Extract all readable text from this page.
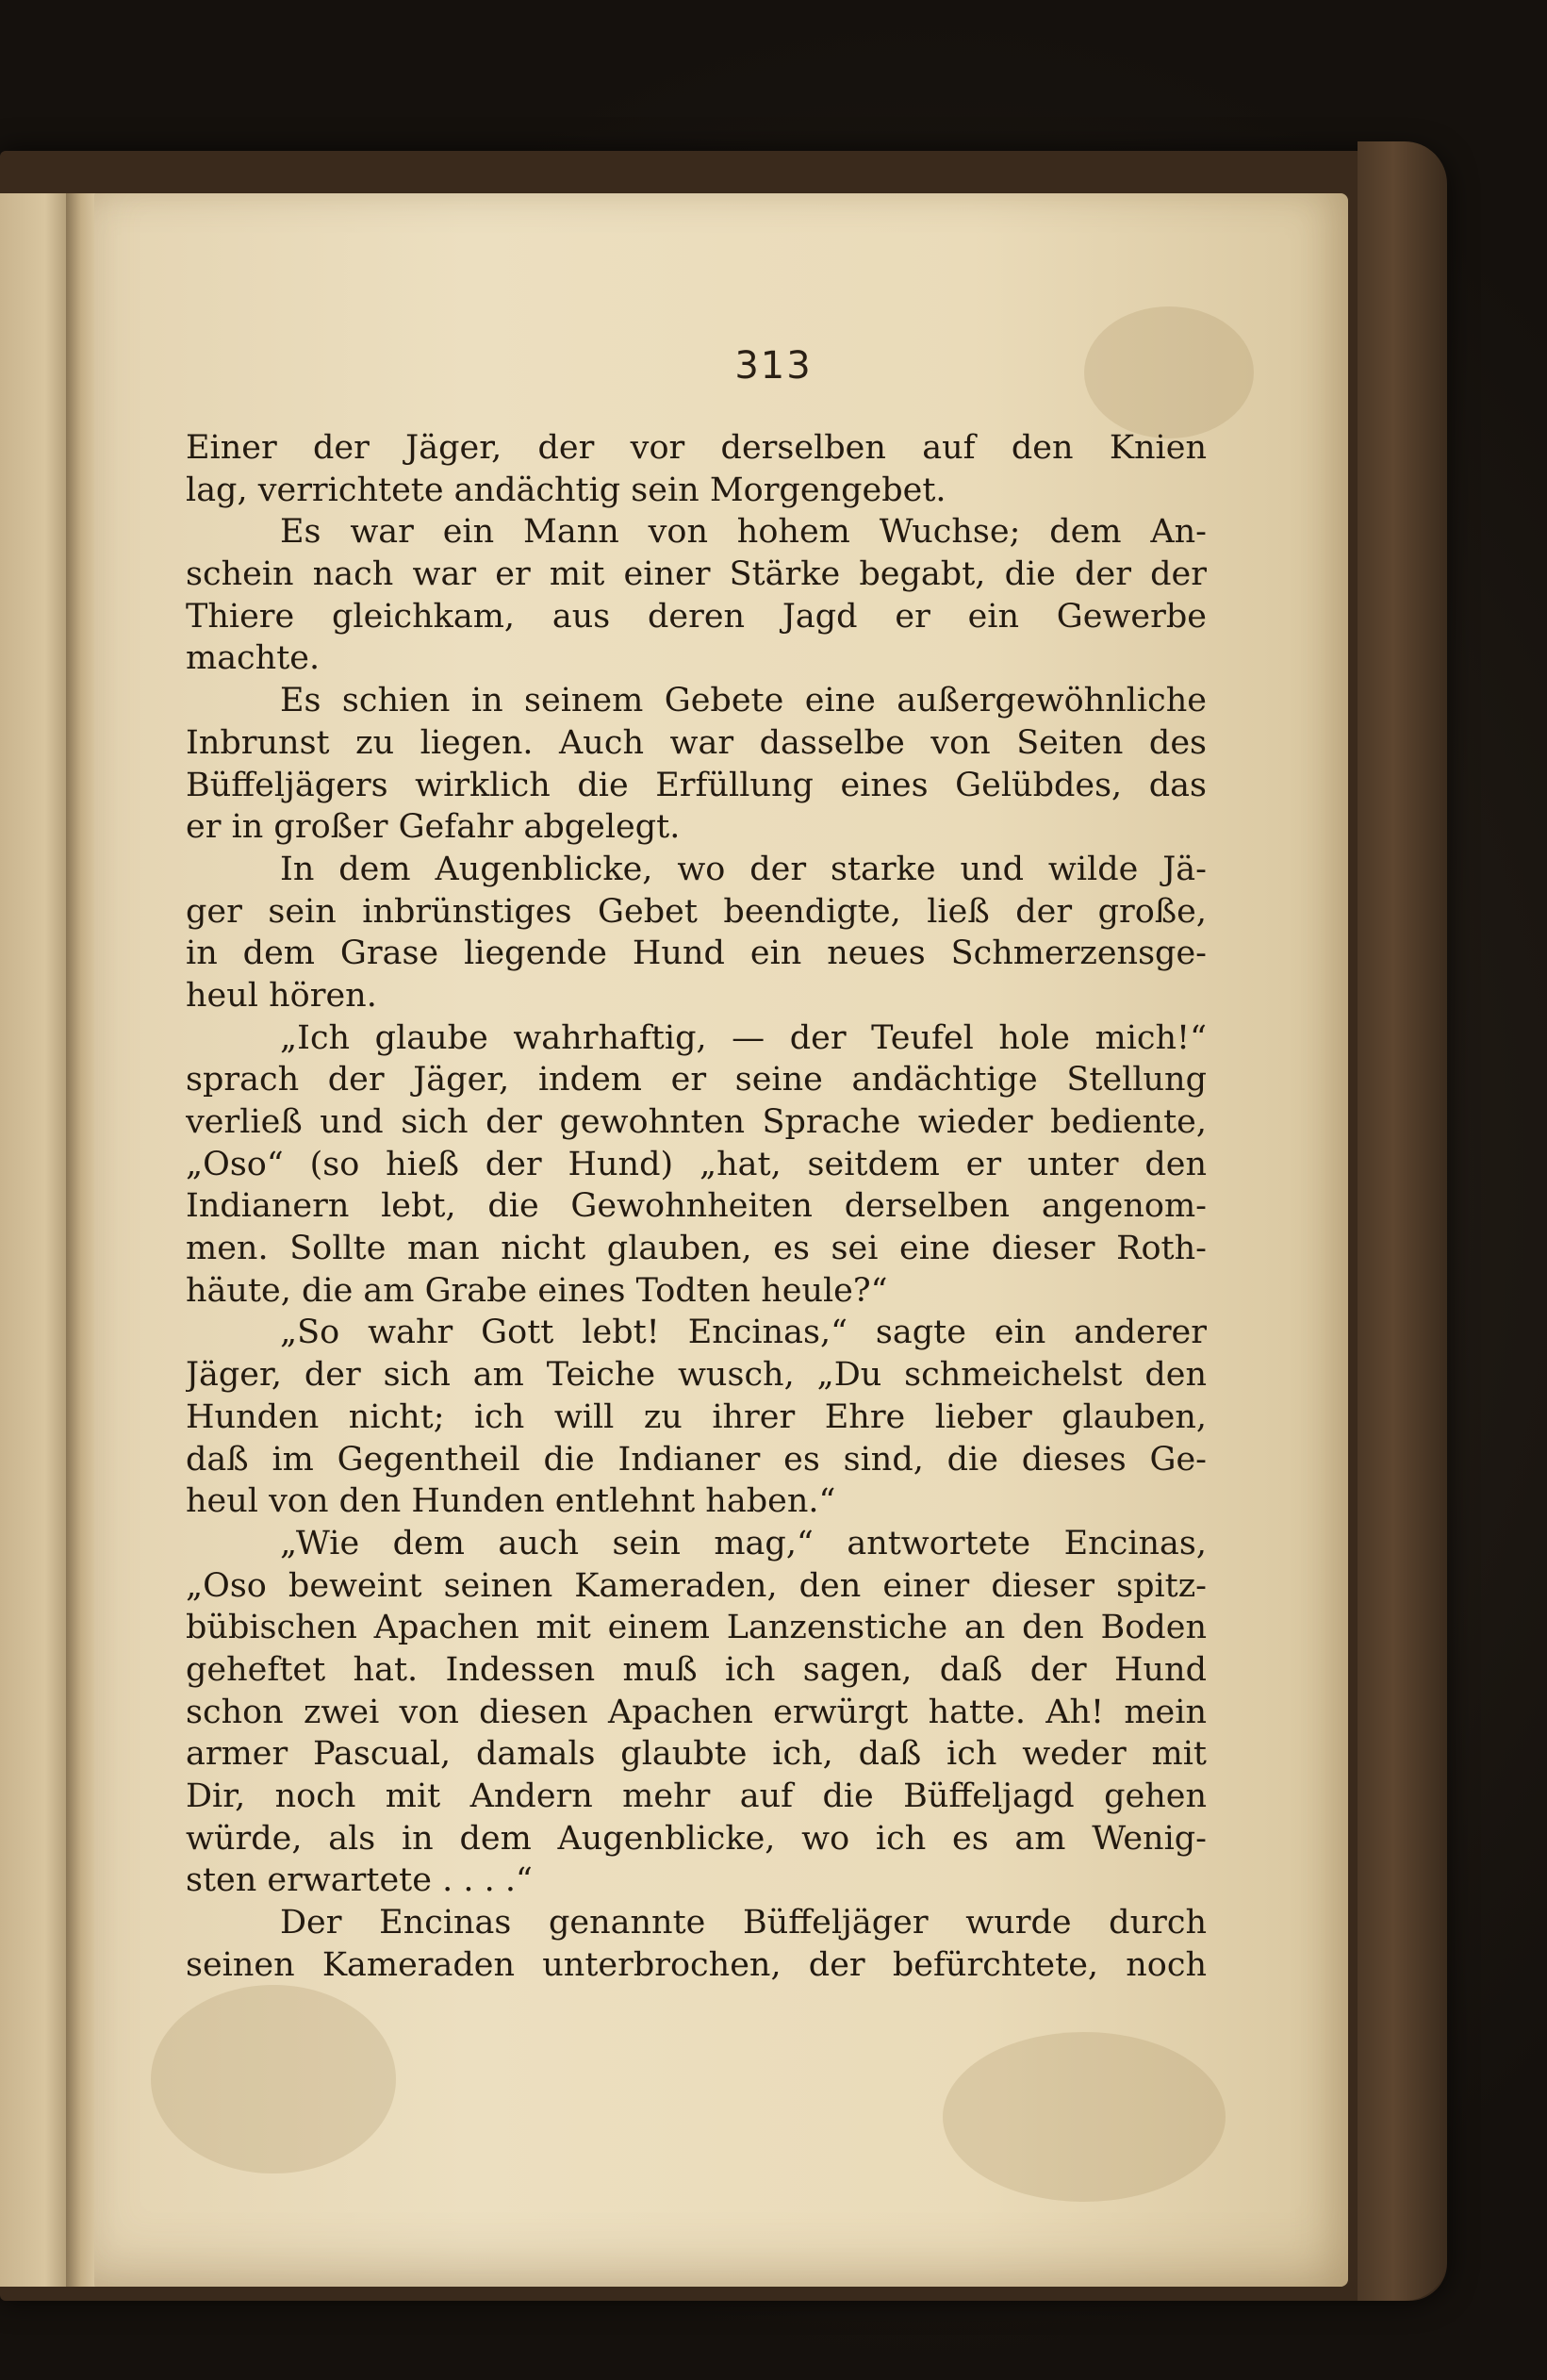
313
Einer der Jäger, der vor derselben auf den Knien
lag, verrichtete andächtig sein Morgengebet.
Es war ein Mann von hohem Wuchse; dem An-
schein nach war er mit einer Stärke begabt, die der der
Thiere gleichkam, aus deren Jagd er ein Gewerbe
machte.
Es schien in seinem Gebete eine außergewöhnliche
Inbrunst zu liegen. Auch war dasselbe von Seiten des
Büffeljägers wirklich die Erfüllung eines Gelübdes, das
er in großer Gefahr abgelegt.
In dem Augenblicke, wo der starke und wilde Jä-
ger sein inbrünstiges Gebet beendigte, ließ der große,
in dem Grase liegende Hund ein neues Schmerzensge-
heul hören.
„Ich glaube wahrhaftig, — der Teufel hole mich!“
sprach der Jäger, indem er seine andächtige Stellung
verließ und sich der gewohnten Sprache wieder bediente,
„Oso“ (so hieß der Hund) „hat, seitdem er unter den
Indianern lebt, die Gewohnheiten derselben angenom-
men. Sollte man nicht glauben, es sei eine dieser Roth-
häute, die am Grabe eines Todten heule?“
„So wahr Gott lebt! Encinas,“ sagte ein anderer
Jäger, der sich am Teiche wusch, „Du schmeichelst den
Hunden nicht; ich will zu ihrer Ehre lieber glauben,
daß im Gegentheil die Indianer es sind, die dieses Ge-
heul von den Hunden entlehnt haben.“
„Wie dem auch sein mag,“ antwortete Encinas,
„Oso beweint seinen Kameraden, den einer dieser spitz-
bübischen Apachen mit einem Lanzenstiche an den Boden
geheftet hat. Indessen muß ich sagen, daß der Hund
schon zwei von diesen Apachen erwürgt hatte. Ah! mein
armer Pascual, damals glaubte ich, daß ich weder mit
Dir, noch mit Andern mehr auf die Büffeljagd gehen
würde, als in dem Augenblicke, wo ich es am Wenig-
sten erwartete . . . .“
Der Encinas genannte Büffeljäger wurde durch
seinen Kameraden unterbrochen, der befürchtete, noch
